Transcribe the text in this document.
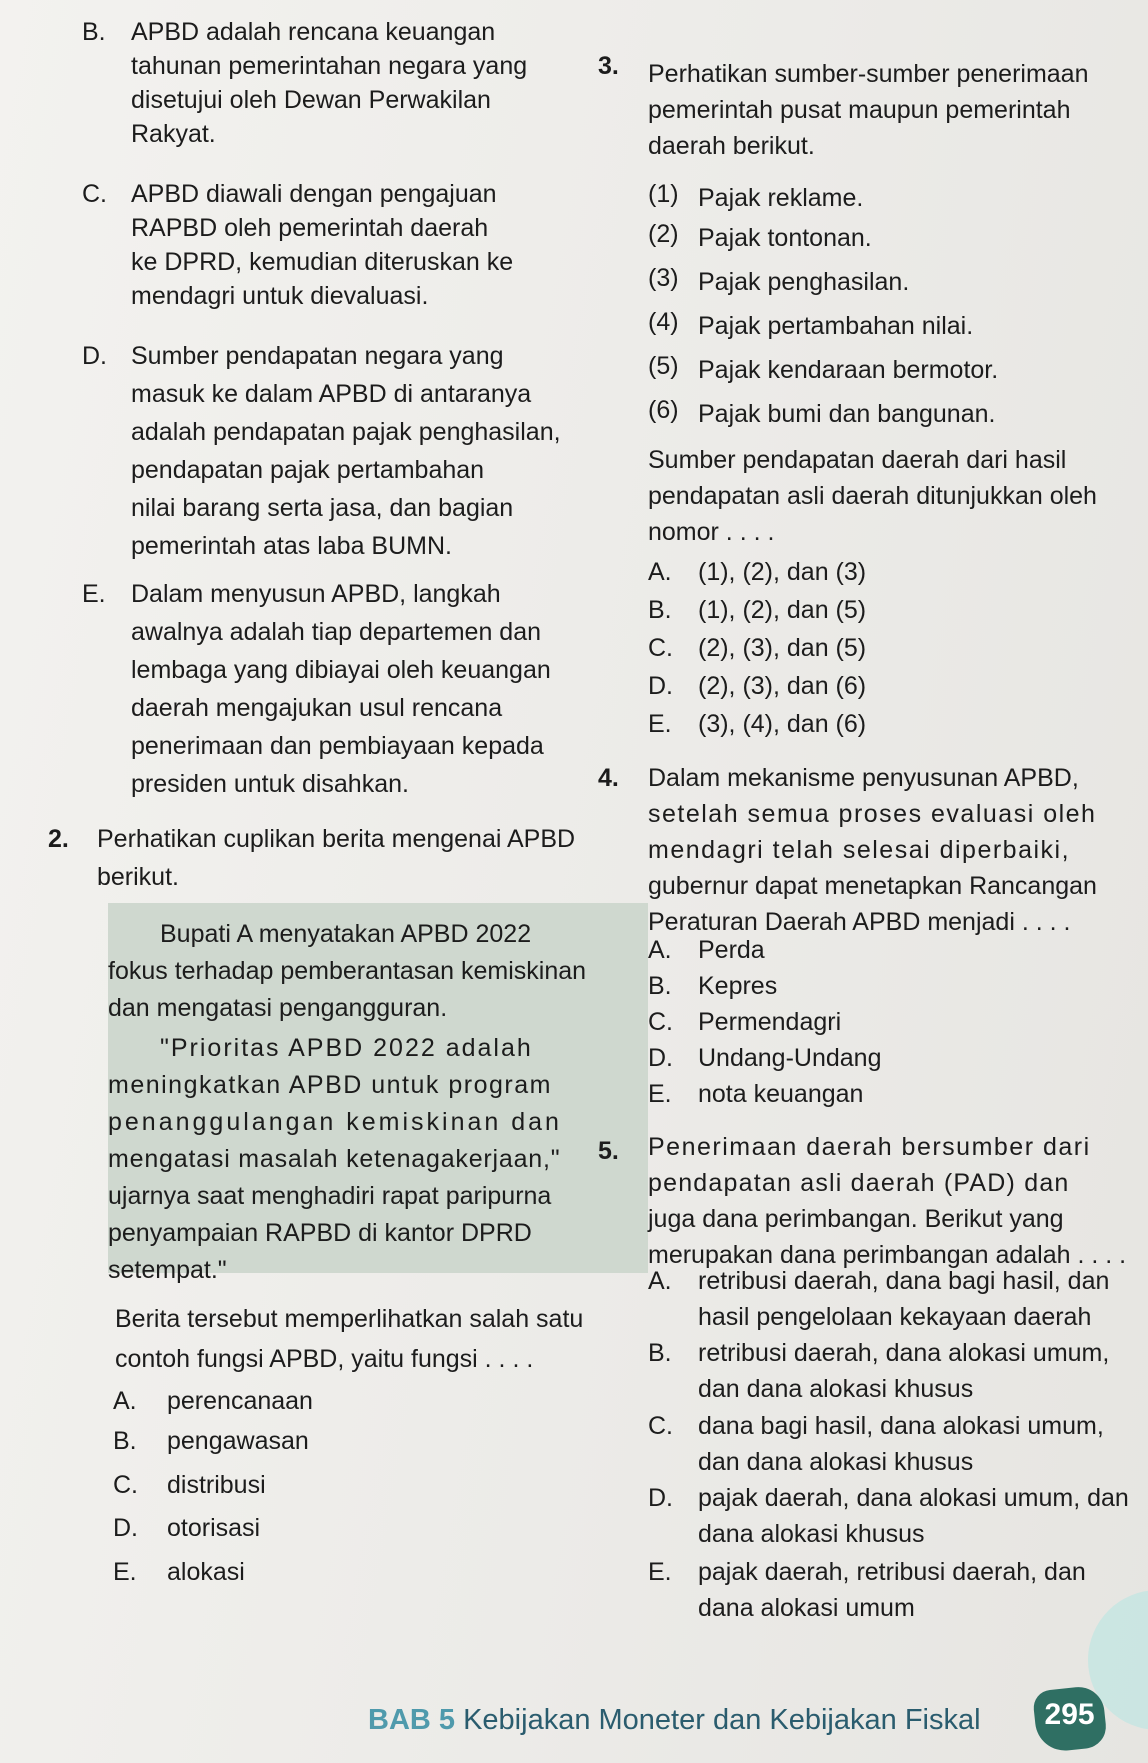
B. APBD adalah rencana keuangan
tahunan pemerintahan negara yang
disetujui oleh Dewan Perwakilan
Rakyat.
C. APBD diawali dengan pengajuan
RAPBD oleh pemerintah daerah
ke DPRD, kemudian diteruskan ke
mendagri untuk dievaluasi.
D. Sumber pendapatan negara yang
masuk ke dalam APBD di antaranya
adalah pendapatan pajak penghasilan,
pendapatan pajak pertambahan
nilai barang serta jasa, dan bagian
pemerintah atas laba BUMN.
E. Dalam menyusun APBD, langkah
awalnya adalah tiap departemen dan
lembaga yang dibiayai oleh keuangan
daerah mengajukan usul rencana
penerimaan dan pembiayaan kepada
presiden untuk disahkan.
2. Perhatikan cuplikan berita mengenai APBD
berikut.
Bupati A menyatakan APBD 2022
fokus terhadap pemberantasan kemiskinan
dan mengatasi pengangguran.
"Prioritas APBD 2022 adalah
meningkatkan APBD untuk program
penanggulangan kemiskinan dan
mengatasi masalah ketenagakerjaan,"
ujarnya saat menghadiri rapat paripurna
penyampaian RAPBD di kantor DPRD
setempat."
Berita tersebut memperlihatkan salah satu
contoh fungsi APBD, yaitu fungsi . . . .
A. perencanaan
B. pengawasan
C. distribusi
D. otorisasi
E. alokasi
3. Perhatikan sumber-sumber penerimaan
pemerintah pusat maupun pemerintah
daerah berikut.
(1) Pajak reklame.
(2) Pajak tontonan.
(3) Pajak penghasilan.
(4) Pajak pertambahan nilai.
(5) Pajak kendaraan bermotor.
(6) Pajak bumi dan bangunan.
Sumber pendapatan daerah dari hasil
pendapatan asli daerah ditunjukkan oleh
nomor . . . .
A. (1), (2), dan (3)
B. (1), (2), dan (5)
C. (2), (3), dan (5)
D. (2), (3), dan (6)
E. (3), (4), dan (6)
4. Dalam mekanisme penyusunan APBD,
setelah semua proses evaluasi oleh
mendagri telah selesai diperbaiki,
gubernur dapat menetapkan Rancangan
Peraturan Daerah APBD menjadi . . . .
A. Perda
B. Kepres
C. Permendagri
D. Undang-Undang
E. nota keuangan
5. Penerimaan daerah bersumber dari
pendapatan asli daerah (PAD) dan
juga dana perimbangan. Berikut yang
merupakan dana perimbangan adalah . . . .
A. retribusi daerah, dana bagi hasil, dan
hasil pengelolaan kekayaan daerah
B. retribusi daerah, dana alokasi umum,
dan dana alokasi khusus
C. dana bagi hasil, dana alokasi umum,
dan dana alokasi khusus
D. pajak daerah, dana alokasi umum, dan
dana alokasi khusus
E. pajak daerah, retribusi daerah, dan
dana alokasi umum
BAB 5 Kebijakan Moneter dan Kebijakan Fiskal	295
